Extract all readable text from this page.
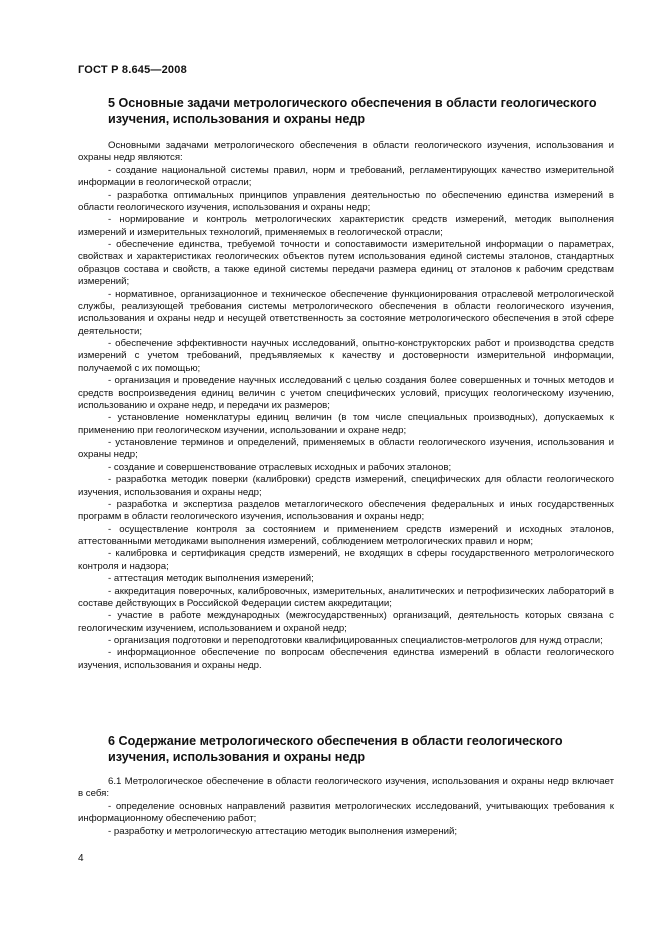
ГОСТ Р 8.645—2008
5 Основные задачи метрологического обеспечения в области геологического изучения, использования и охраны недр

Основными задачами метрологического обеспечения в области геологического изучения, использования и охраны недр являются:

- создание национальной системы правил, норм и требований, регламентирующих качество измерительной информации в геологической отрасли;

- разработка оптимальных принципов управления деятельностью по обеспечению единства измерений в области геологического изучения, использования и охраны недр;

- нормирование и контроль метрологических характеристик средств измерений, методик выполнения измерений и измерительных технологий, применяемых в геологической отрасли;

- обеспечение единства, требуемой точности и сопоставимости измерительной информации о параметрах, свойствах и характеристиках геологических объектов путем использования единой системы эталонов, стандартных образцов состава и свойств, а также единой системы передачи размера единиц от эталонов к рабочим средствам измерений;

- нормативное, организационное и техническое обеспечение функционирования отраслевой метрологической службы, реализующей требования системы метрологического обеспечения в области геологического изучения, использования и охраны недр и несущей ответственность за состояние метрологического обеспечения в этой сфере деятельности;

- обеспечение эффективности научных исследований, опытно-конструкторских работ и производства средств измерений с учетом требований, предъявляемых к качеству и достоверности измерительной информации, получаемой с их помощью;

- организация и проведение научных исследований с целью создания более совершенных и точных методов и средств воспроизведения единиц величин с учетом специфических условий, присущих геологическому изучению, использованию и охране недр, и передачи их размеров;

- установление номенклатуры единиц величин (в том числе специальных производных), допускаемых к применению при геологическом изучении, использовании и охране недр;

- установление терминов и определений, применяемых в области геологического изучения, использования и охраны недр;

- создание и совершенствование отраслевых исходных и рабочих эталонов;

- разработка методик поверки (калибровки) средств измерений, специфических для области геологического изучения, использования и охраны недр;

- разработка и экспертиза разделов метаглогического обеспечения федеральных и иных государственных программ в области геологического изучения, использования и охраны недр;

- осуществление контроля за состоянием и применением средств измерений и исходных эталонов, аттестованными методиками выполнения измерений, соблюдением метрологических правил и норм;

- калибровка и сертификация средств измерений, не входящих в сферы государственного метрологического контроля и надзора;

- аттестация методик выполнения измерений;

- аккредитация поверочных, калибровочных, измерительных, аналитических и петрофизических лабораторий в составе действующих в Российской Федерации систем аккредитации;

- участие в работе международных (межгосударственных) организаций, деятельность которых связана с геологическим изучением, использованием и охраной недр;

- организация подготовки и переподготовки квалифицированных специалистов-метрологов для нужд отрасли;

- информационное обеспечение по вопросам обеспечения единства измерений в области геологического изучения, использования и охраны недр.

6 Содержание метрологического обеспечения в области геологического изучения, использования и охраны недр

6.1 Метрологическое обеспечение в области геологического изучения, использования и охраны недр включает в себя:

- определение основных направлений развития метрологических исследований, учитывающих требования к информационному обеспечению работ;

- разработку и метрологическую аттестацию методик выполнения измерений;

4
